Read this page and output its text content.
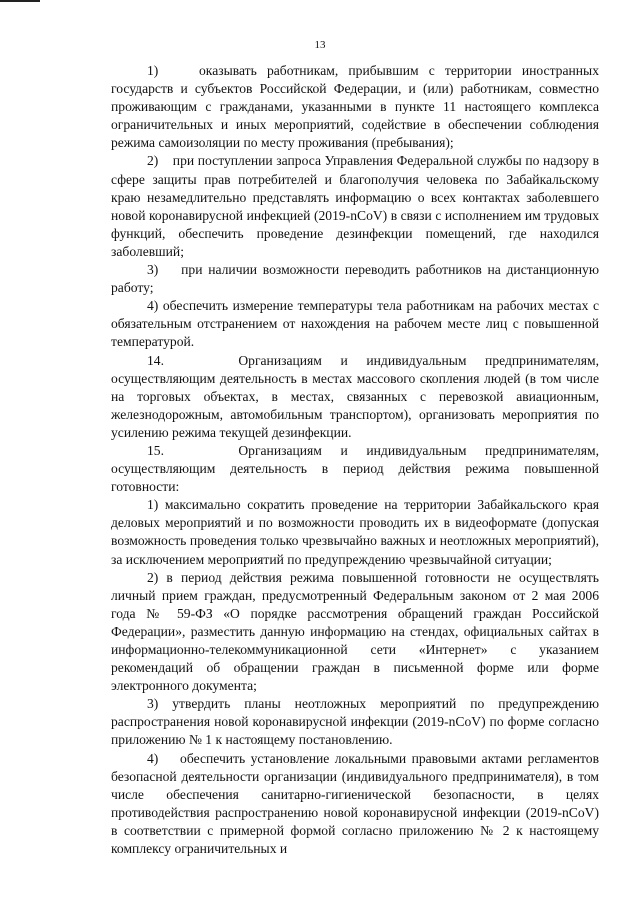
13

1)    оказывать работникам, прибывшим с территории иностранных государств и субъектов Российской Федерации, и (или) работникам, совместно проживающим с гражданами, указанными в пункте 11 настоящего комплекса ограничительных и иных мероприятий, содействие в обеспечении соблюдения режима самоизоляции по месту проживания (пребывания);

2)    при поступлении запроса Управления Федеральной службы по надзору в сфере защиты прав потребителей и благополучия человека по Забайкальскому краю незамедлительно представлять информацию о всех контактах заболевшего новой коронавирусной инфекцией (2019-nCoV) в связи с исполнением им трудовых функций, обеспечить проведение дезинфекции помещений, где находился заболевший;

3)    при наличии возможности переводить работников на дистанционную работу;

4) обеспечить измерение температуры тела работникам на рабочих местах с обязательным отстранением от нахождения на рабочем месте лиц с повышенной температурой.

14.    Организациям и индивидуальным предпринимателям, осуществляющим деятельность в местах массового скопления людей (в том числе на торговых объектах, в местах, связанных с перевозкой авиационным, железнодорожным, автомобильным транспортом), организовать мероприятия по усилению режима текущей дезинфекции.

15.    Организациям и индивидуальным предпринимателям, осуществляющим деятельность в период действия режима повышенной готовности:

1) максимально сократить проведение на территории Забайкальского края деловых мероприятий и по возможности проводить их в видеоформате (допуская возможность проведения только чрезвычайно важных и неотложных мероприятий), за исключением мероприятий по предупреждению чрезвычайной ситуации;

2) в период действия режима повышенной готовности не осуществлять личный прием граждан, предусмотренный Федеральным законом от 2 мая 2006 года № 59-ФЗ «О порядке рассмотрения обращений граждан Российской Федерации», разместить данную информацию на стендах, официальных сайтах в информационно-телекоммуникационной сети «Интернет» с указанием рекомендаций об обращении граждан в письменной форме или форме электронного документа;

3) утвердить планы неотложных мероприятий по предупреждению распространения новой коронавирусной инфекции (2019-nCoV) по форме согласно приложению № 1 к настоящему постановлению.

4)    обеспечить установление локальными правовыми актами регламентов безопасной деятельности организации (индивидуального предпринимателя), в том числе обеспечения санитарно-гигиенической безопасности, в целях противодействия распространению новой коронавирусной инфекции (2019-nCoV) в соответствии с примерной формой согласно приложению № 2 к настоящему комплексу ограничительных и
